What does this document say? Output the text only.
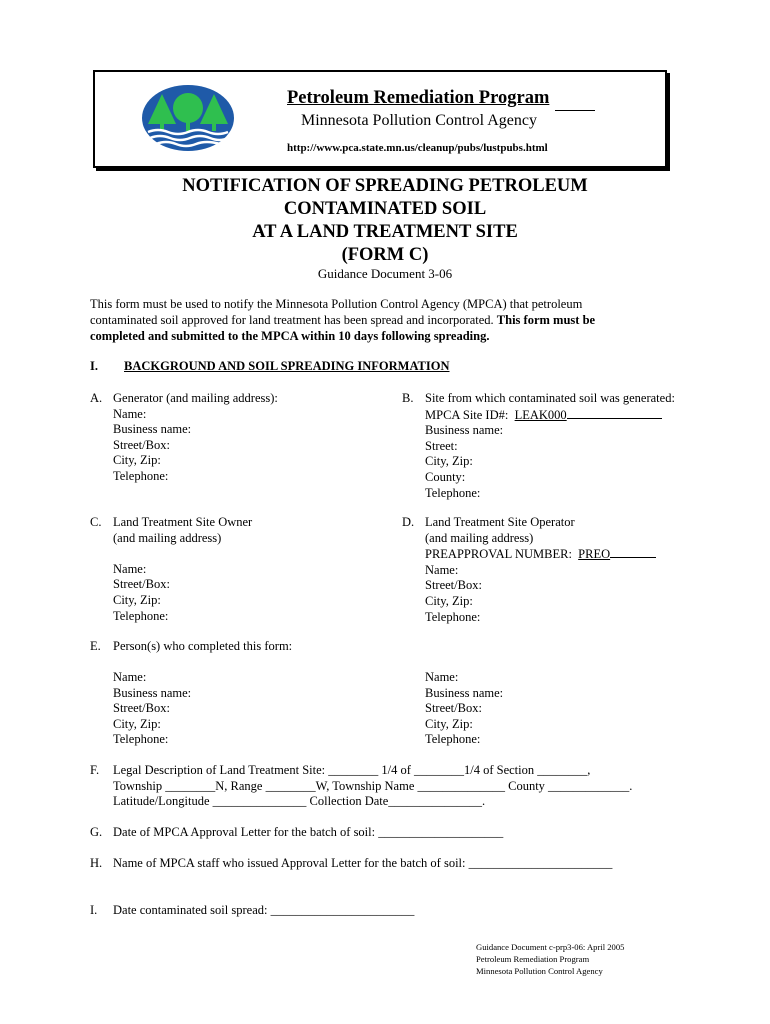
Petroleum Remediation Program
Minnesota Pollution Control Agency
http://www.pca.state.mn.us/cleanup/pubs/lustpubs.html
NOTIFICATION OF SPREADING PETROLEUM
CONTAMINATED SOIL
AT A LAND TREATMENT SITE
(FORM C)
Guidance Document 3-06
This form must be used to notify the Minnesota Pollution Control Agency (MPCA) that petroleum
contaminated soil approved for land treatment has been spread and incorporated. This form must be
completed and submitted to the MPCA within 10 days following spreading.
I. BACKGROUND AND SOIL SPREADING INFORMATION
A. Generator (and mailing address):
Name:
Business name:
Street/Box:
City, Zip:
Telephone:
B. Site from which contaminated soil was generated:
MPCA Site ID#: LEAK000
Business name:
Street:
City, Zip:
County:
Telephone:
C. Land Treatment Site Owner
(and mailing address)
Name:
Street/Box:
City, Zip:
Telephone:
D. Land Treatment Site Operator
(and mailing address)
PREAPPROVAL NUMBER: PREO
Name:
Street/Box:
City, Zip:
Telephone:
E. Person(s) who completed this form:
Name:
Business name:
Street/Box:
City, Zip:
Telephone:
Name:
Business name:
Street/Box:
City, Zip:
Telephone:
F. Legal Description of Land Treatment Site: ________ 1/4 of ________1/4 of Section ________,
Township ________N, Range ________W, Township Name ______________ County _____________.
Latitude/Longitude _______________ Collection Date_______________.
G. Date of MPCA Approval Letter for the batch of soil: ____________________
H. Name of MPCA staff who issued Approval Letter for the batch of soil: _______________________
I. Date contaminated soil spread: _______________________
Guidance Document c-prp3-06: April 2005
Petroleum Remediation Program
Minnesota Pollution Control Agency
